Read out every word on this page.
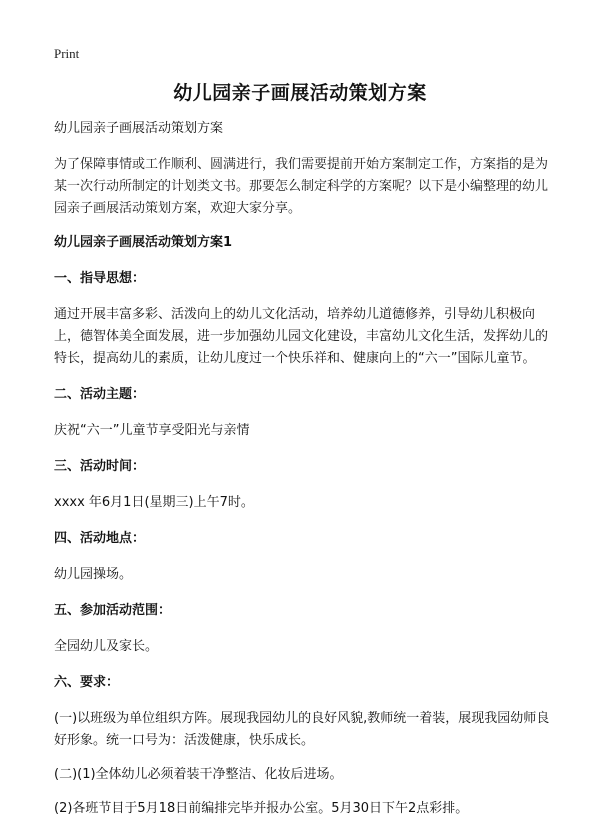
Print
幼儿园亲子画展活动策划方案
幼儿园亲子画展活动策划方案

为了保障事情或工作顺利、圆满进行，我们需要提前开始方案制定工作，方案指的是为某一次行动所制定的计划类文书。那要怎么制定科学的方案呢？以下是小编整理的幼儿园亲子画展活动策划方案，欢迎大家分享。

幼儿园亲子画展活动策划方案1
一、指导思想：

通过开展丰富多彩、活泼向上的幼儿文化活动，培养幼儿道德修养，引导幼儿积极向上，德智体美全面发展，进一步加强幼儿园文化建设，丰富幼儿文化生活，发挥幼儿的特长，提高幼儿的素质，让幼儿度过一个快乐祥和、健康向上的“六一”国际儿童节。

二、活动主题：

庆祝“六一”儿童节享受阳光与亲情

三、活动时间：

xxxx 年6月1日(星期三)上午7时。

四、活动地点：

幼儿园操场。

五、参加活动范围：

全园幼儿及家长。

六、要求：

(一)以班级为单位组织方阵。展现我园幼儿的良好风貌,教师统一着装，展现我园幼师良好形象。统一口号为：活泼健康，快乐成长。

(二)(1)全体幼儿必须着装干净整洁、化妆后进场。

(2)各班节目于5月18日前编排完毕并报办公室。5月30日下午2点彩排。
